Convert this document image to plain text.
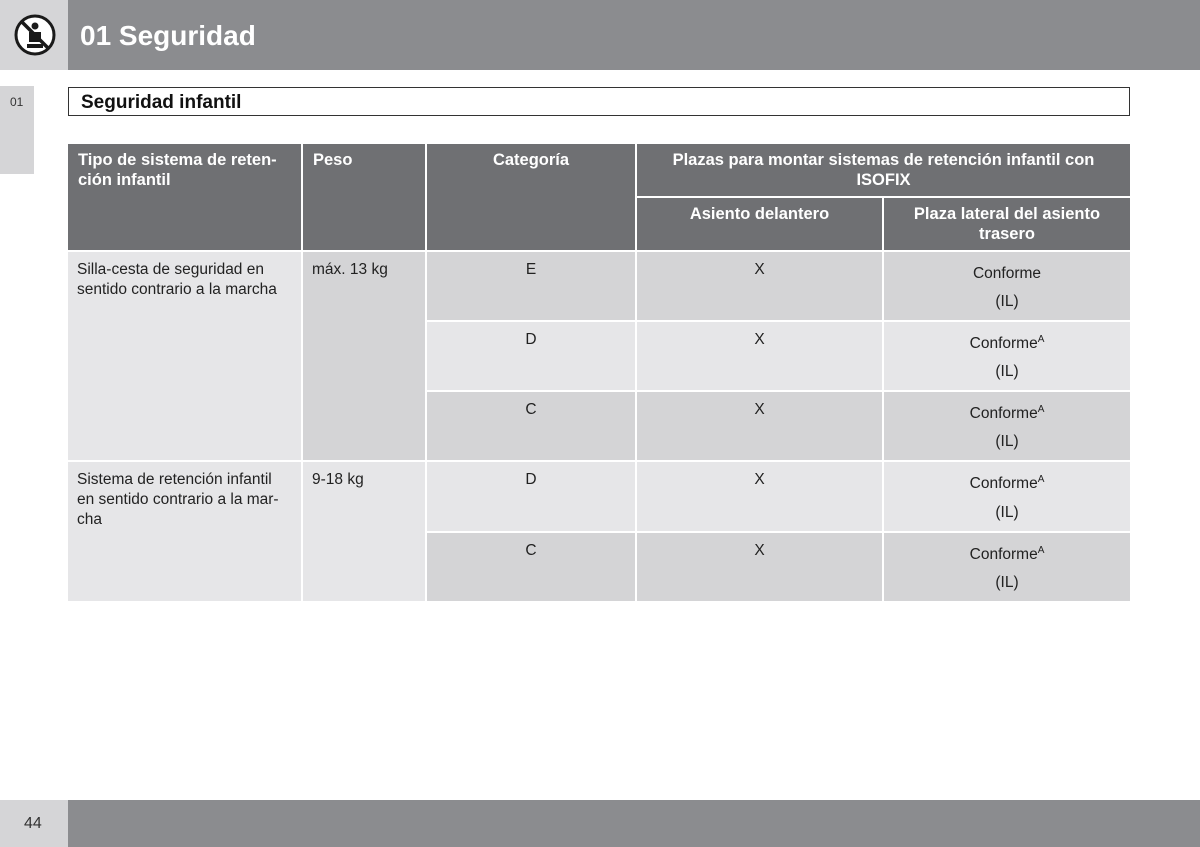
01 Seguridad
01	Seguridad infantil
Tipo de sistema de reten-ción infantil	Peso	Categoría	Plazas para montar sistemas de retención infantil con ISOFIX	
			Asiento delantero	Plaza lateral del asiento trasero
Silla-cesta de seguridad en sentido contrario a la marcha	máx. 13 kg	E	X	Conforme
(IL)

		D	X	Conforme$^A$
(IL)

		C	X	Conforme$^A$
(IL)

Sistema de retención infantil en sentido contrario a la mar-cha	9-18 kg	D	X	Conforme$^A$
(IL)

		C	X	Conforme$^A$
(IL)
44
